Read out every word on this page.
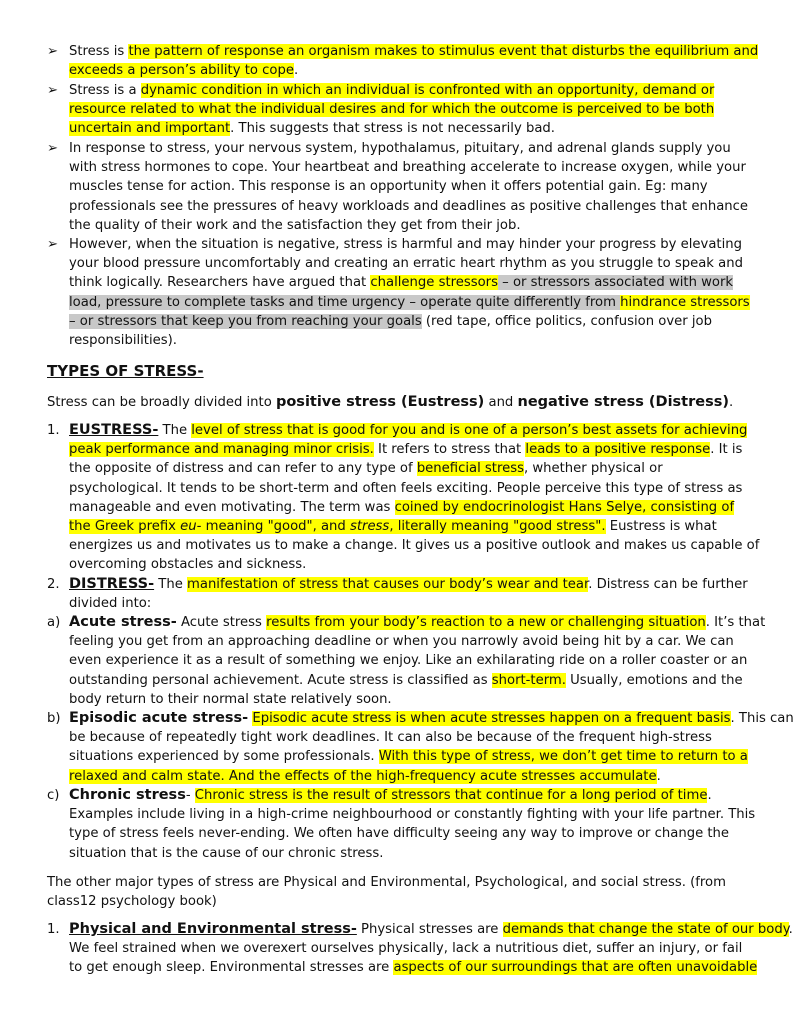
➢ Stress is the pattern of response an organism makes to stimulus event that disturbs the equilibrium and
exceeds a person’s ability to cope.
➢ Stress is a dynamic condition in which an individual is confronted with an opportunity, demand or
resource related to what the individual desires and for which the outcome is perceived to be both
uncertain and important. This suggests that stress is not necessarily bad.
➢ In response to stress, your nervous system, hypothalamus, pituitary, and adrenal glands supply you
with stress hormones to cope. Your heartbeat and breathing accelerate to increase oxygen, while your
muscles tense for action. This response is an opportunity when it offers potential gain. Eg: many
professionals see the pressures of heavy workloads and deadlines as positive challenges that enhance
the quality of their work and the satisfaction they get from their job.
➢ However, when the situation is negative, stress is harmful and may hinder your progress by elevating
your blood pressure uncomfortably and creating an erratic heart rhythm as you struggle to speak and
think logically. Researchers have argued that challenge stressors – or stressors associated with work
load, pressure to complete tasks and time urgency – operate quite differently from hindrance stressors
– or stressors that keep you from reaching your goals (red tape, office politics, confusion over job
responsibilities).
TYPES OF STRESS-
Stress can be broadly divided into positive stress (Eustress) and negative stress (Distress).
1. EUSTRESS- The level of stress that is good for you and is one of a person’s best assets for achieving
peak performance and managing minor crisis. It refers to stress that leads to a positive response. It is
the opposite of distress and can refer to any type of beneficial stress, whether physical or
psychological. It tends to be short-term and often feels exciting. People perceive this type of stress as
manageable and even motivating. The term was coined by endocrinologist Hans Selye, consisting of
the Greek prefix eu- meaning "good", and stress, literally meaning "good stress". Eustress is what
energizes us and motivates us to make a change. It gives us a positive outlook and makes us capable of
overcoming obstacles and sickness.
2. DISTRESS- The manifestation of stress that causes our body’s wear and tear. Distress can be further
divided into:
a) Acute stress- Acute stress results from your body’s reaction to a new or challenging situation. It’s that
feeling you get from an approaching deadline or when you narrowly avoid being hit by a car. We can
even experience it as a result of something we enjoy. Like an exhilarating ride on a roller coaster or an
outstanding personal achievement. Acute stress is classified as short-term. Usually, emotions and the
body return to their normal state relatively soon.
b) Episodic acute stress- Episodic acute stress is when acute stresses happen on a frequent basis. This can
be because of repeatedly tight work deadlines. It can also be because of the frequent high-stress
situations experienced by some professionals. With this type of stress, we don’t get time to return to a
relaxed and calm state. And the effects of the high-frequency acute stresses accumulate.
c) Chronic stress- Chronic stress is the result of stressors that continue for a long period of time.
Examples include living in a high-crime neighbourhood or constantly fighting with your life partner. This
type of stress feels never-ending. We often have difficulty seeing any way to improve or change the
situation that is the cause of our chronic stress.
The other major types of stress are Physical and Environmental, Psychological, and social stress. (from
class12 psychology book)
1. Physical and Environmental stress- Physical stresses are demands that change the state of our body.
We feel strained when we overexert ourselves physically, lack a nutritious diet, suffer an injury, or fail
to get enough sleep. Environmental stresses are aspects of our surroundings that are often unavoidable
